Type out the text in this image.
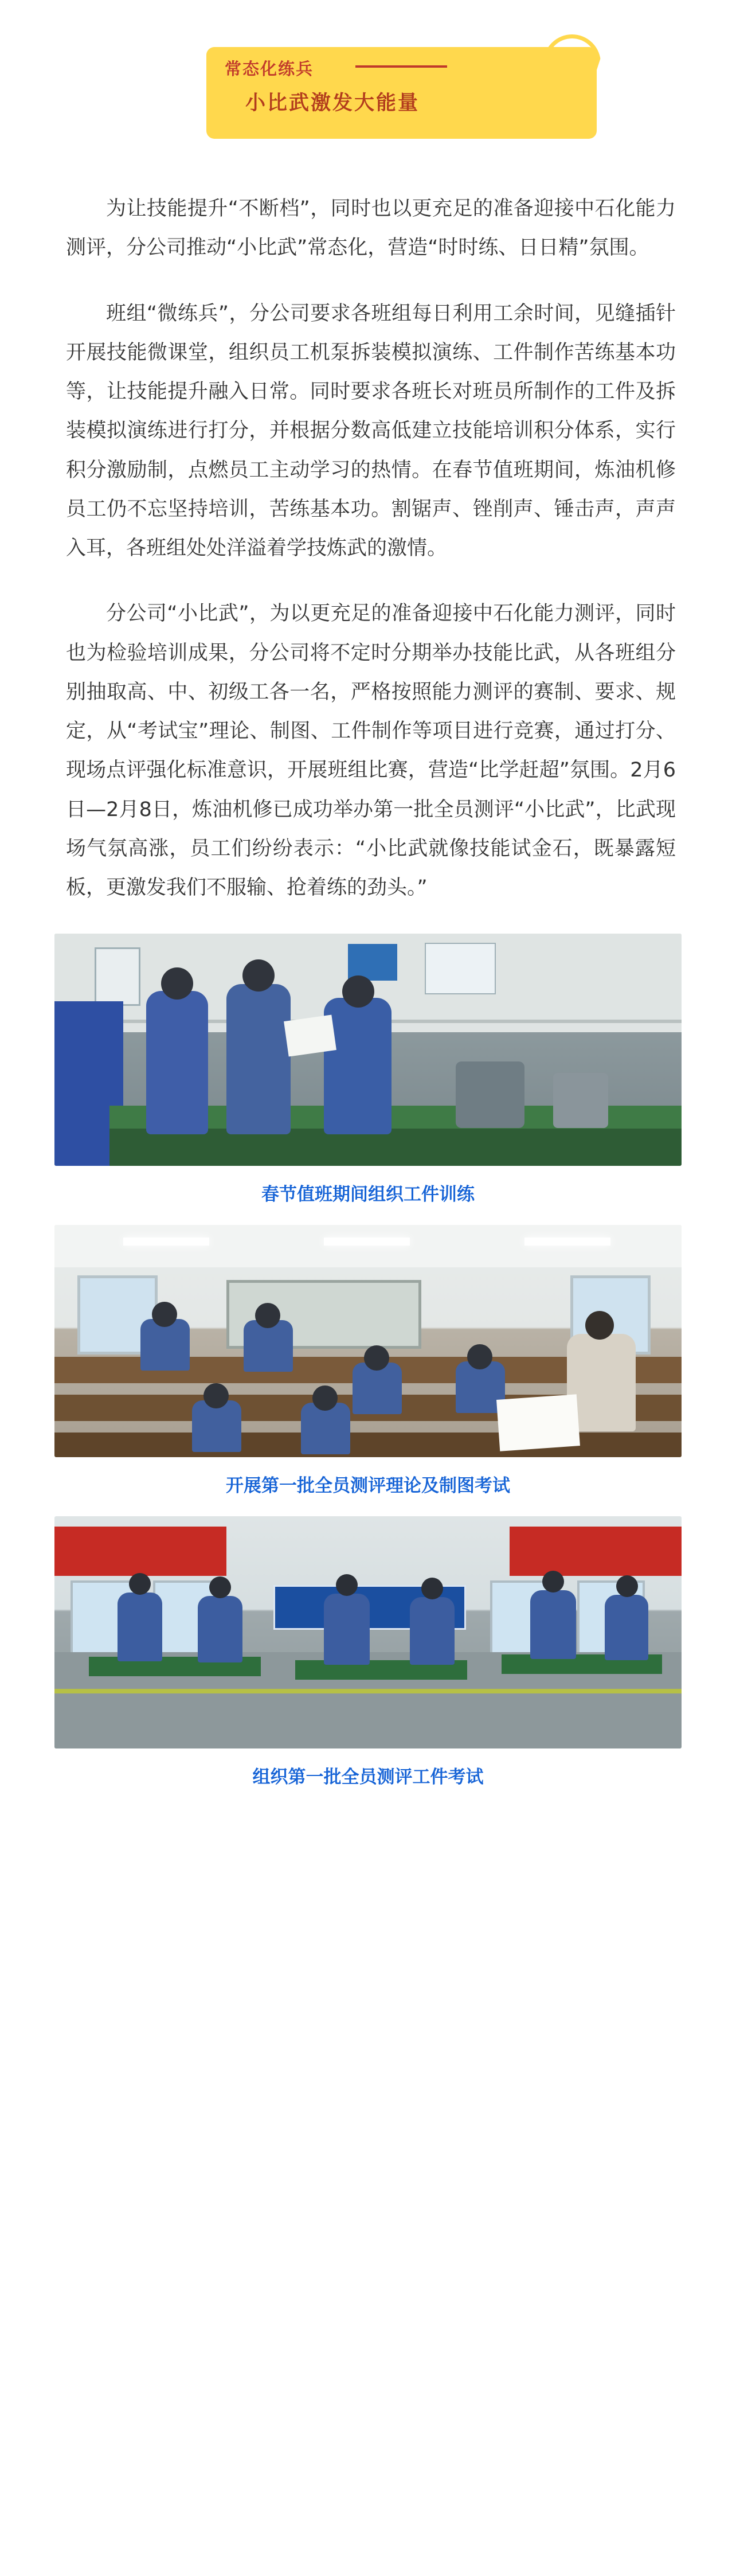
常态化练兵
小比武激发大能量

为让技能提升“不断档”，同时也以更充足的准备迎接中石化能力测评，分公司推动“小比武”常态化，营造“时时练、日日精”氛围。

班组“微练兵”，分公司要求各班组每日利用工余时间，见缝插针开展技能微课堂，组织员工机泵拆装模拟演练、工件制作苦练基本功等，让技能提升融入日常。同时要求各班长对班员所制作的工件及拆装模拟演练进行打分，并根据分数高低建立技能培训积分体系，实行积分激励制，点燃员工主动学习的热情。在春节值班期间，炼油机修员工仍不忘坚持培训，苦练基本功。割锯声、锉削声、锤击声，声声入耳，各班组处处洋溢着学技炼武的激情。

分公司“小比武”，为以更充足的准备迎接中石化能力测评，同时也为检验培训成果，分公司将不定时分期举办技能比武，从各班组分别抽取高、中、初级工各一名，严格按照能力测评的赛制、要求、规定，从“考试宝”理论、制图、工件制作等项目进行竞赛，通过打分、现场点评强化标准意识，开展班组比赛，营造“比学赶超”氛围。2月6日—2月8日，炼油机修已成功举办第一批全员测评“小比武”，比武现场气氛高涨，员工们纷纷表示：“小比武就像技能试金石，既暴露短板，更激发我们不服输、抢着练的劲头。”

春节值班期间组织工件训练
开展第一批全员测评理论及制图考试
组织第一批全员测评工件考试
